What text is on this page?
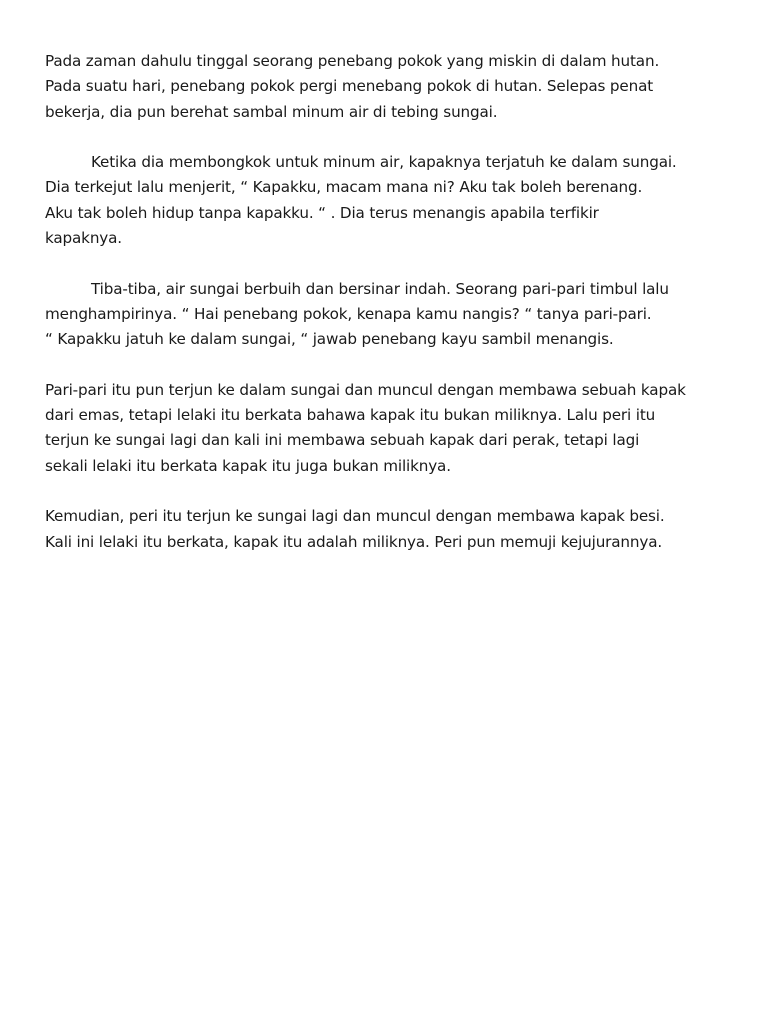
Pada zaman dahulu tinggal seorang penebang pokok yang miskin di dalam hutan.
Pada suatu hari, penebang pokok pergi menebang pokok di hutan. Selepas penat
bekerja, dia pun berehat sambal minum air di tebing sungai.

Ketika dia membongkok untuk minum air, kapaknya terjatuh ke dalam sungai.
Dia terkejut lalu menjerit, “ Kapakku, macam mana ni? Aku tak boleh berenang.
Aku tak boleh hidup tanpa kapakku. “ . Dia terus menangis apabila terfikir
kapaknya.

Tiba-tiba, air sungai berbuih dan bersinar indah. Seorang pari-pari timbul lalu
menghampirinya. “ Hai penebang pokok, kenapa kamu nangis? “ tanya pari-pari.
“ Kapakku jatuh ke dalam sungai, “ jawab penebang kayu sambil menangis.

Pari-pari itu pun terjun ke dalam sungai dan muncul dengan membawa sebuah kapak
dari emas, tetapi lelaki itu berkata bahawa kapak itu bukan miliknya. Lalu peri itu
terjun ke sungai lagi dan kali ini membawa sebuah kapak dari perak, tetapi lagi
sekali lelaki itu berkata kapak itu juga bukan miliknya.

Kemudian, peri itu terjun ke sungai lagi dan muncul dengan membawa kapak besi.
Kali ini lelaki itu berkata, kapak itu adalah miliknya. Peri pun memuji kejujurannya.
